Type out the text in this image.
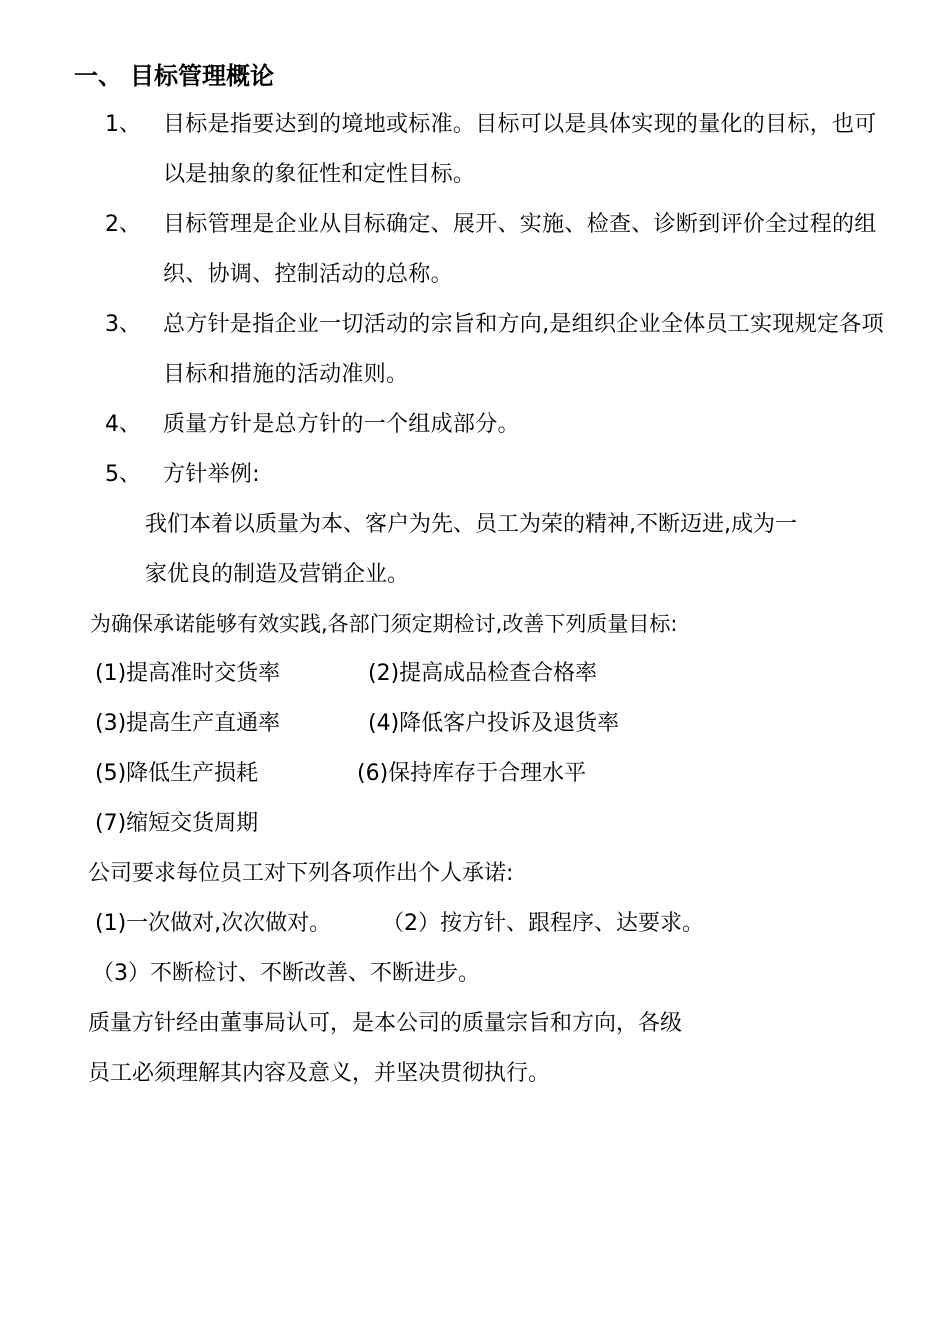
一、 目标管理概论
1、 目标是指要达到的境地或标准。目标可以是具体实现的量化的目标，也可以是抽象的象征性和定性目标。
2、 目标管理是企业从目标确定、展开、实施、检查、诊断到评价全过程的组织、协调、控制活动的总称。
3、 总方针是指企业一切活动的宗旨和方向,是组织企业全体员工实现规定各项目标和措施的活动准则。
4、 质量方针是总方针的一个组成部分。
5、 方针举例:
我们本着以质量为本、客户为先、员工为荣的精神,不断迈进,成为一
家优良的制造及营销企业。
为确保承诺能够有效实践,各部门须定期检讨,改善下列质量目标:
(1)提高准时交货率	(2)提高成品检查合格率
(3)提高生产直通率	(4)降低客户投诉及退货率
(5)降低生产损耗	(6)保持库存于合理水平
(7)缩短交货周期
公司要求每位员工对下列各项作出个人承诺:
(1)一次做对,次次做对。 （2）按方针、跟程序、达要求。
（3）不断检讨、不断改善、不断进步。
质量方针经由董事局认可，是本公司的质量宗旨和方向，各级
员工必须理解其内容及意义，并坚决贯彻执行。
